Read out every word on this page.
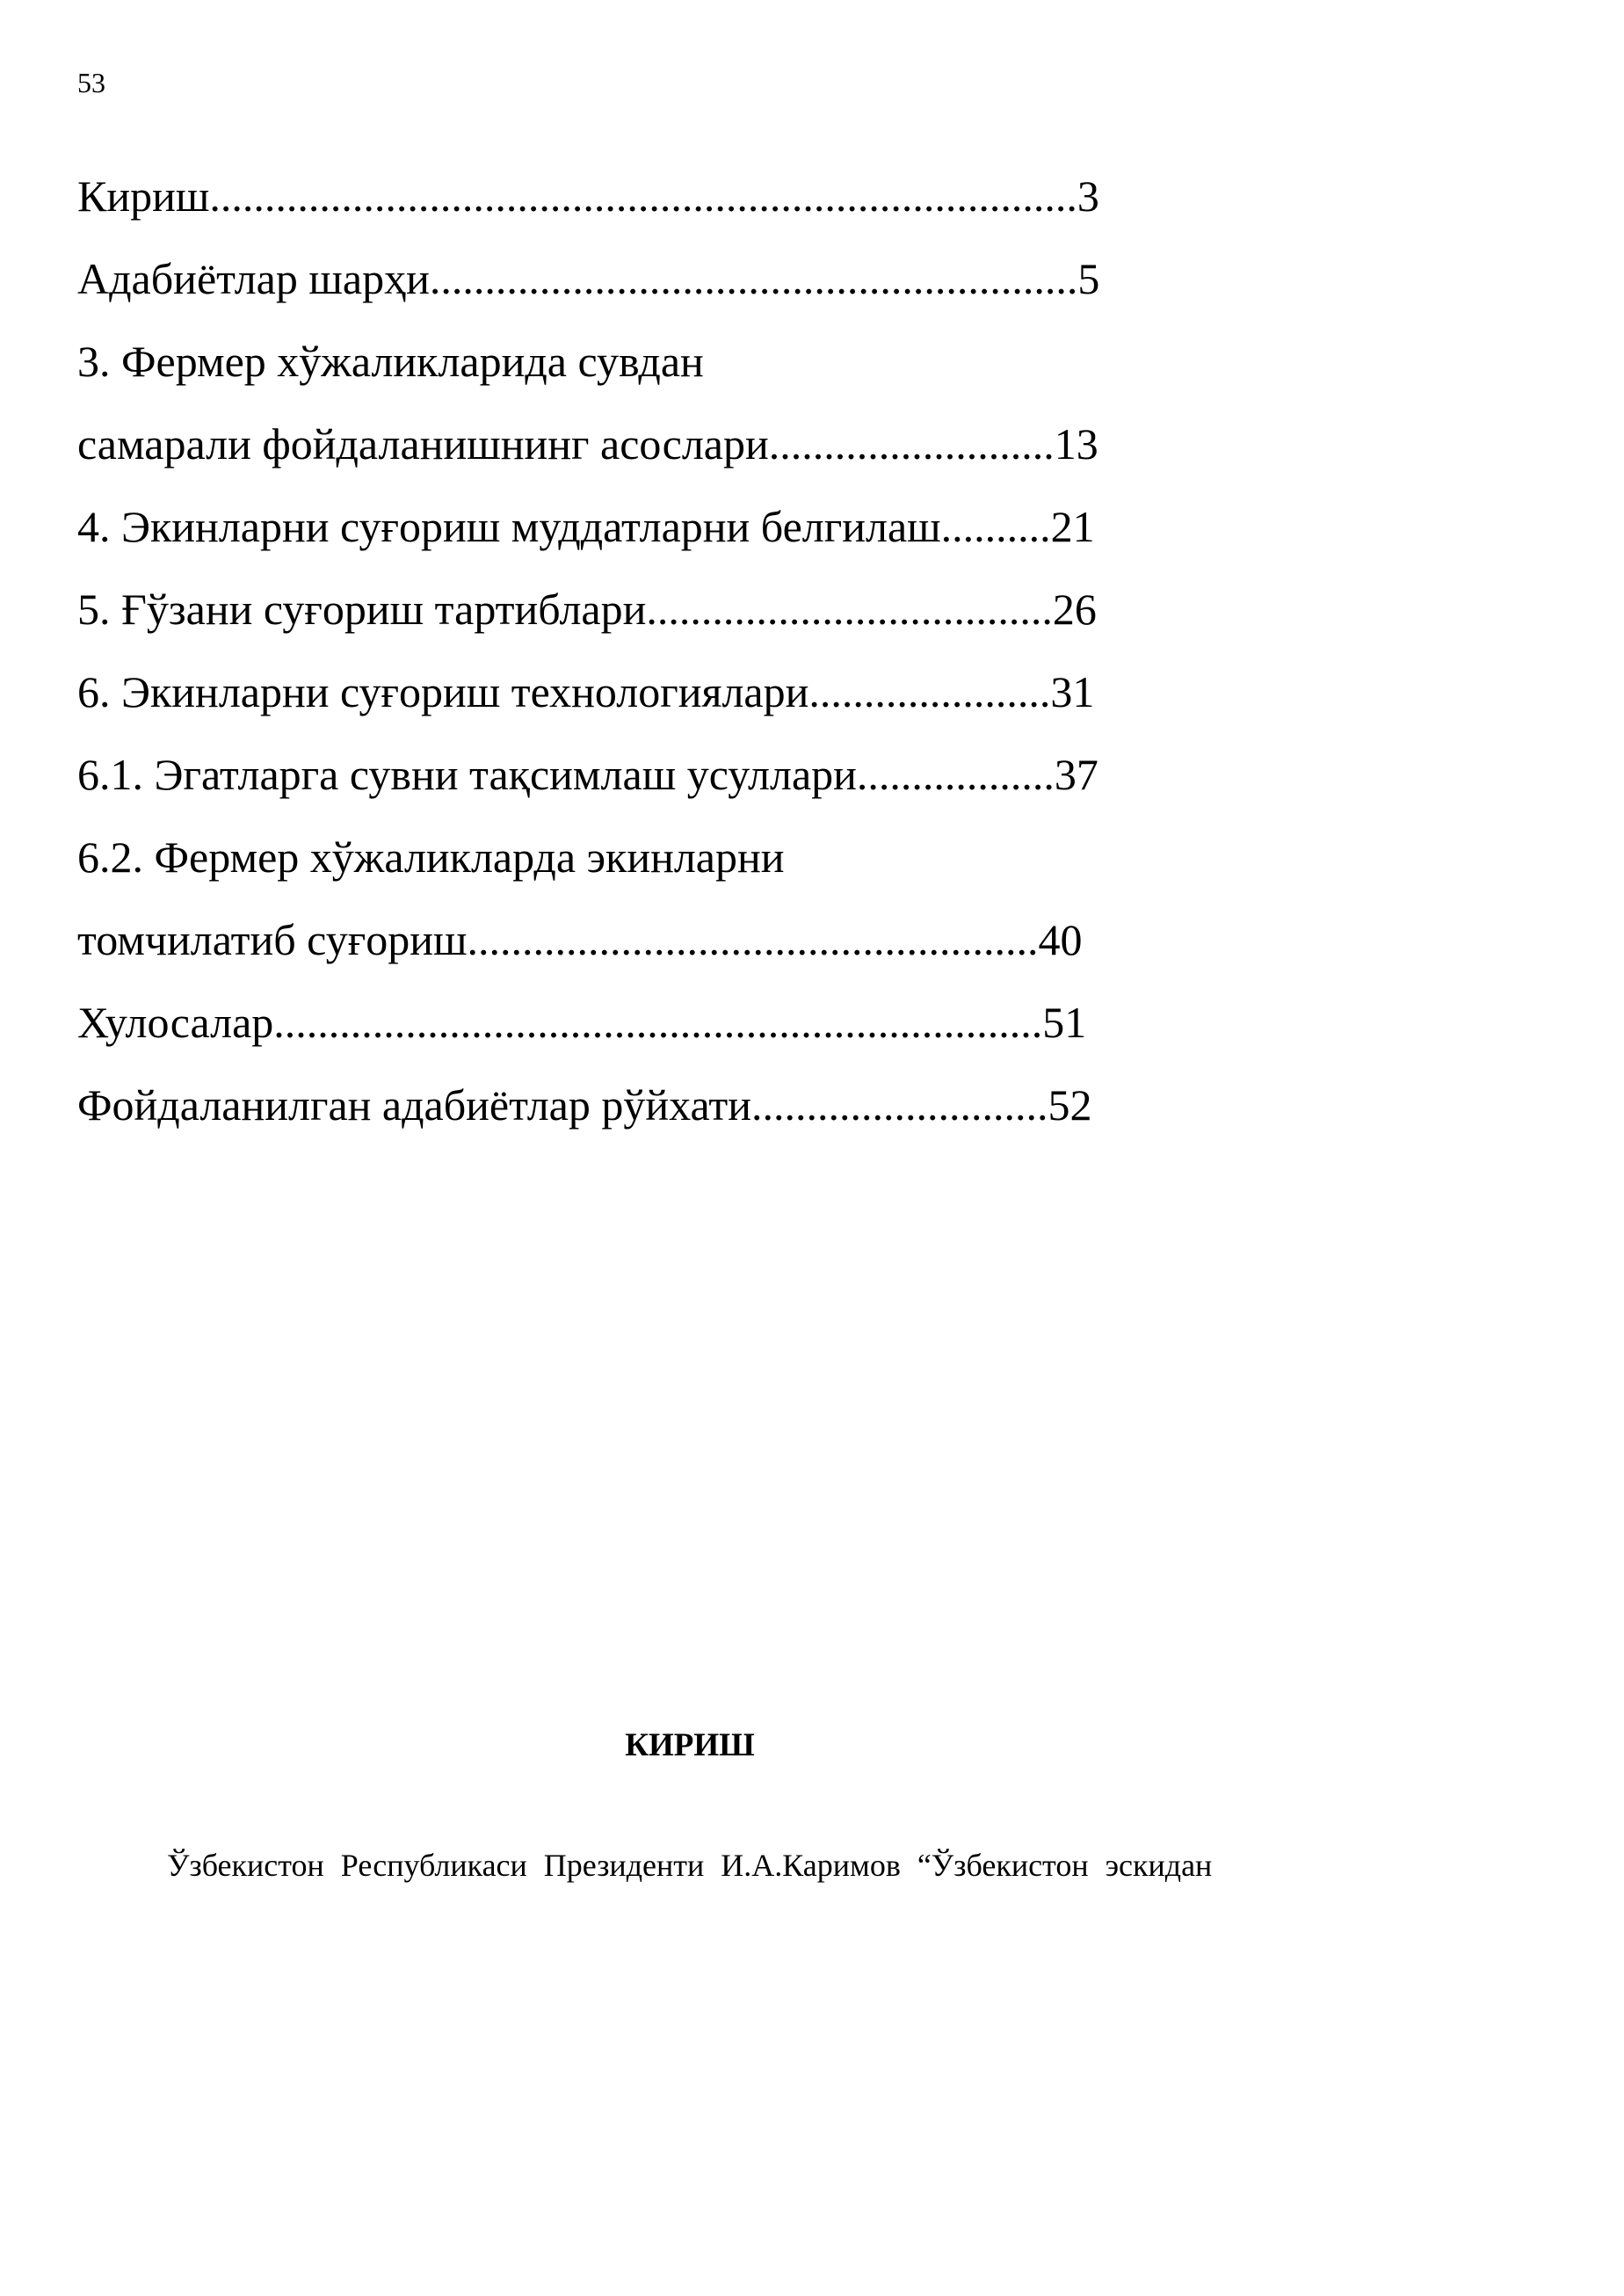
53
Кириш...............................................................................3
Адабиётлар шарҳи...........................................................5
3. Фермер хўжаликларида сувдан
самарали фойдаланишнинг асослари..........................13
4. Экинларни суғориш муддатларни белгилаш..........21
5. Ғўзани суғориш тартиблари.....................................26
6. Экинларни суғориш технологиялари......................31
6.1. Эгатларга сувни тақсимлаш усуллари..................37
6.2. Фермер хўжаликларда экинларни
томчилатиб суғориш....................................................40
Хулосалар......................................................................51
Фойдаланилган адабиётлар рўйхати...........................52
КИРИШ
Ўзбекистон Республикаси Президенти И.А.Каримов “Ўзбекистон эскидан
